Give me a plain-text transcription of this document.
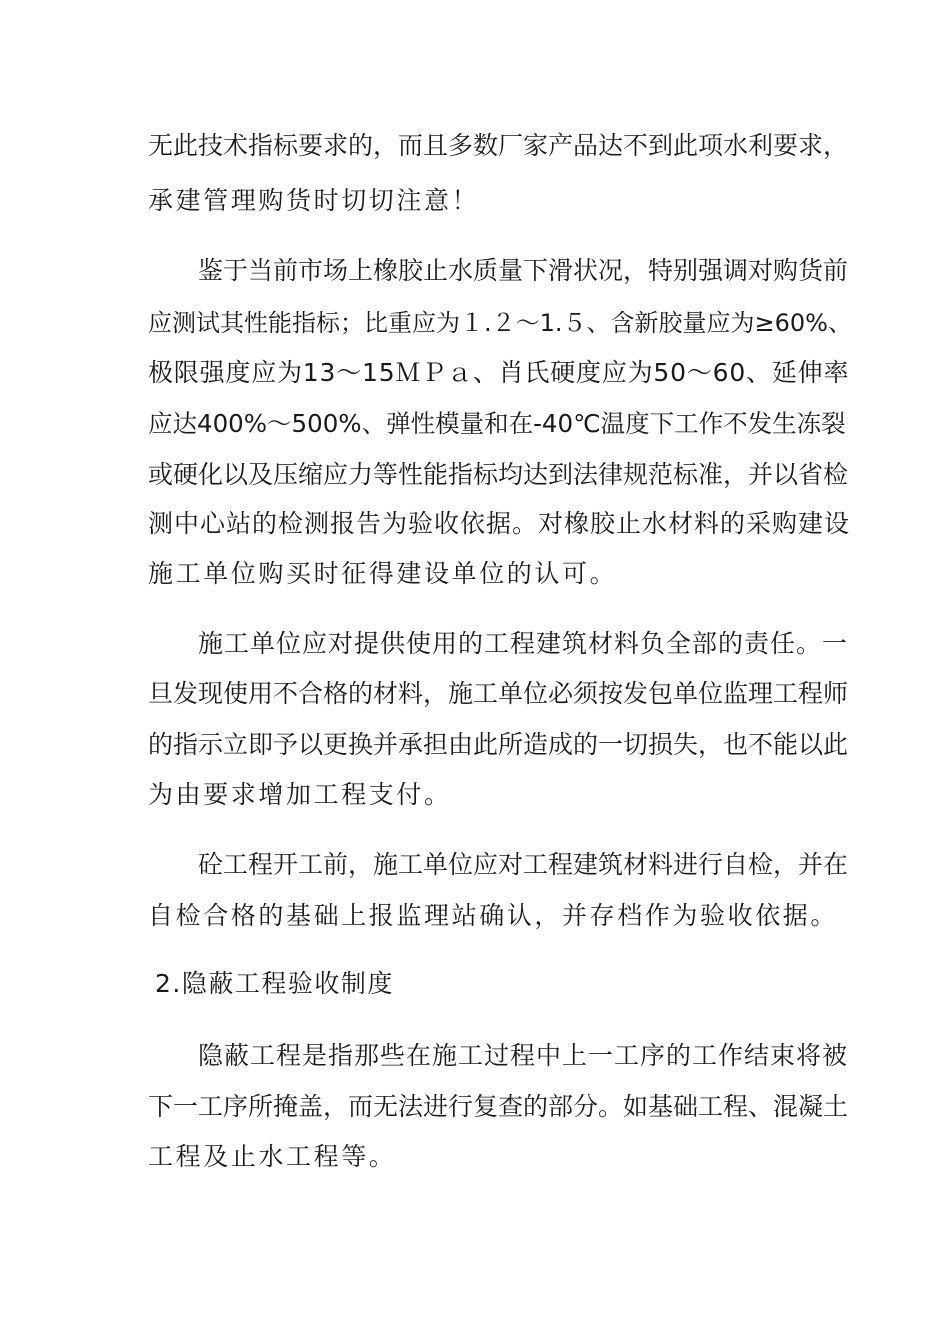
无此技术指标要求的，而且多数厂家产品达不到此项水利要求，
承建管理购货时切切注意！
鉴于当前市场上橡胶止水质量下滑状况，特别强调对购货前
应测试其性能指标；比重应为１.２～1.５、含新胶量应为≥60%、
极限强度应为13～15ＭＰａ、肖氏硬度应为50～60、延伸率
应达400%～500%、弹性模量和在-40℃温度下工作不发生冻裂
或硬化以及压缩应力等性能指标均达到法律规范标准，并以省检
测中心站的检测报告为验收依据。对橡胶止水材料的采购建设
施工单位购买时征得建设单位的认可。
施工单位应对提供使用的工程建筑材料负全部的责任。一
旦发现使用不合格的材料，施工单位必须按发包单位监理工程师
的指示立即予以更换并承担由此所造成的一切损失，也不能以此
为由要求增加工程支付。
砼工程开工前，施工单位应对工程建筑材料进行自检，并在
自检合格的基础上报监理站确认，并存档作为验收依据。
2.隐蔽工程验收制度
隐蔽工程是指那些在施工过程中上一工序的工作结束将被
下一工序所掩盖，而无法进行复查的部分。如基础工程、混凝土
工程及止水工程等。
